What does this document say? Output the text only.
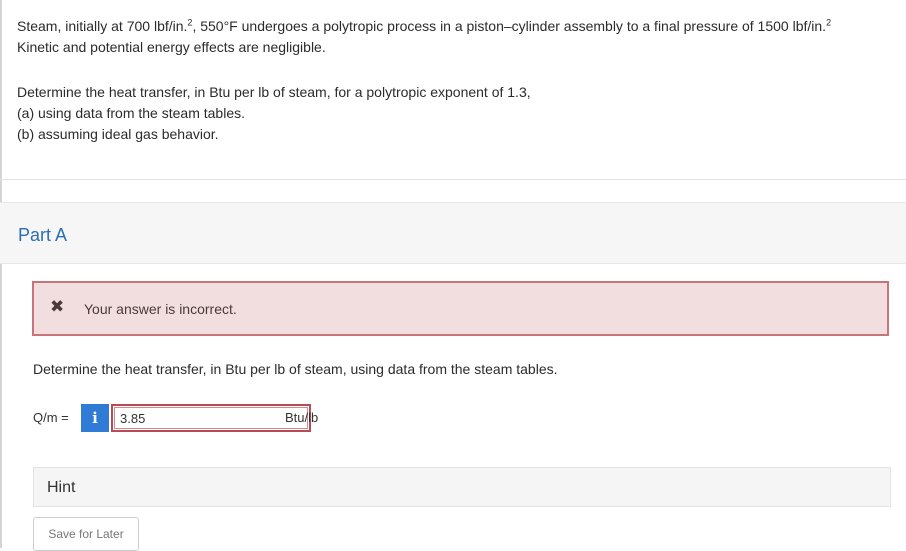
Steam, initially at 700 lbf/in.$^2$, 550°F undergoes a polytropic process in a piston–cylinder assembly to a final pressure of 1500 lbf/in.$^2$

Kinetic and potential energy effects are negligible.

Determine the heat transfer, in Btu per lb of steam, for a polytropic exponent of 1.3,

(a) using data from the steam tables.

(b) assuming ideal gas behavior.

Part A
✖ Your answer is incorrect.
Determine the heat transfer, in Btu per lb of steam, using data from the steam tables.
Q/m =	i
3.85	Btu/lb
Hint
Save for Later
